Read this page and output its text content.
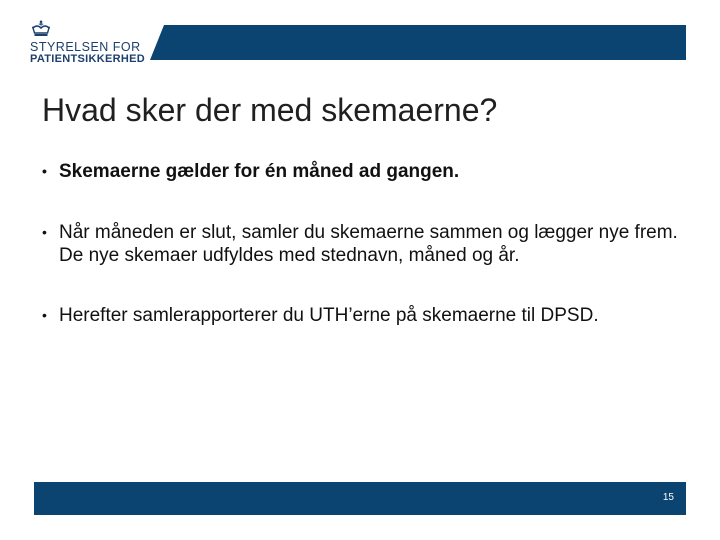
STYRELSEN FOR
PATIENTSIKKERHED
Hvad sker der med skemaerne?
• Skemaerne gælder for én måned ad gangen.
• Når måneden er slut, samler du skemaerne sammen og lægger nye frem. De nye skemaer udfyldes med stednavn, måned og år.
• Herefter samlerapporterer du UTH’erne på skemaerne til DPSD.
15
